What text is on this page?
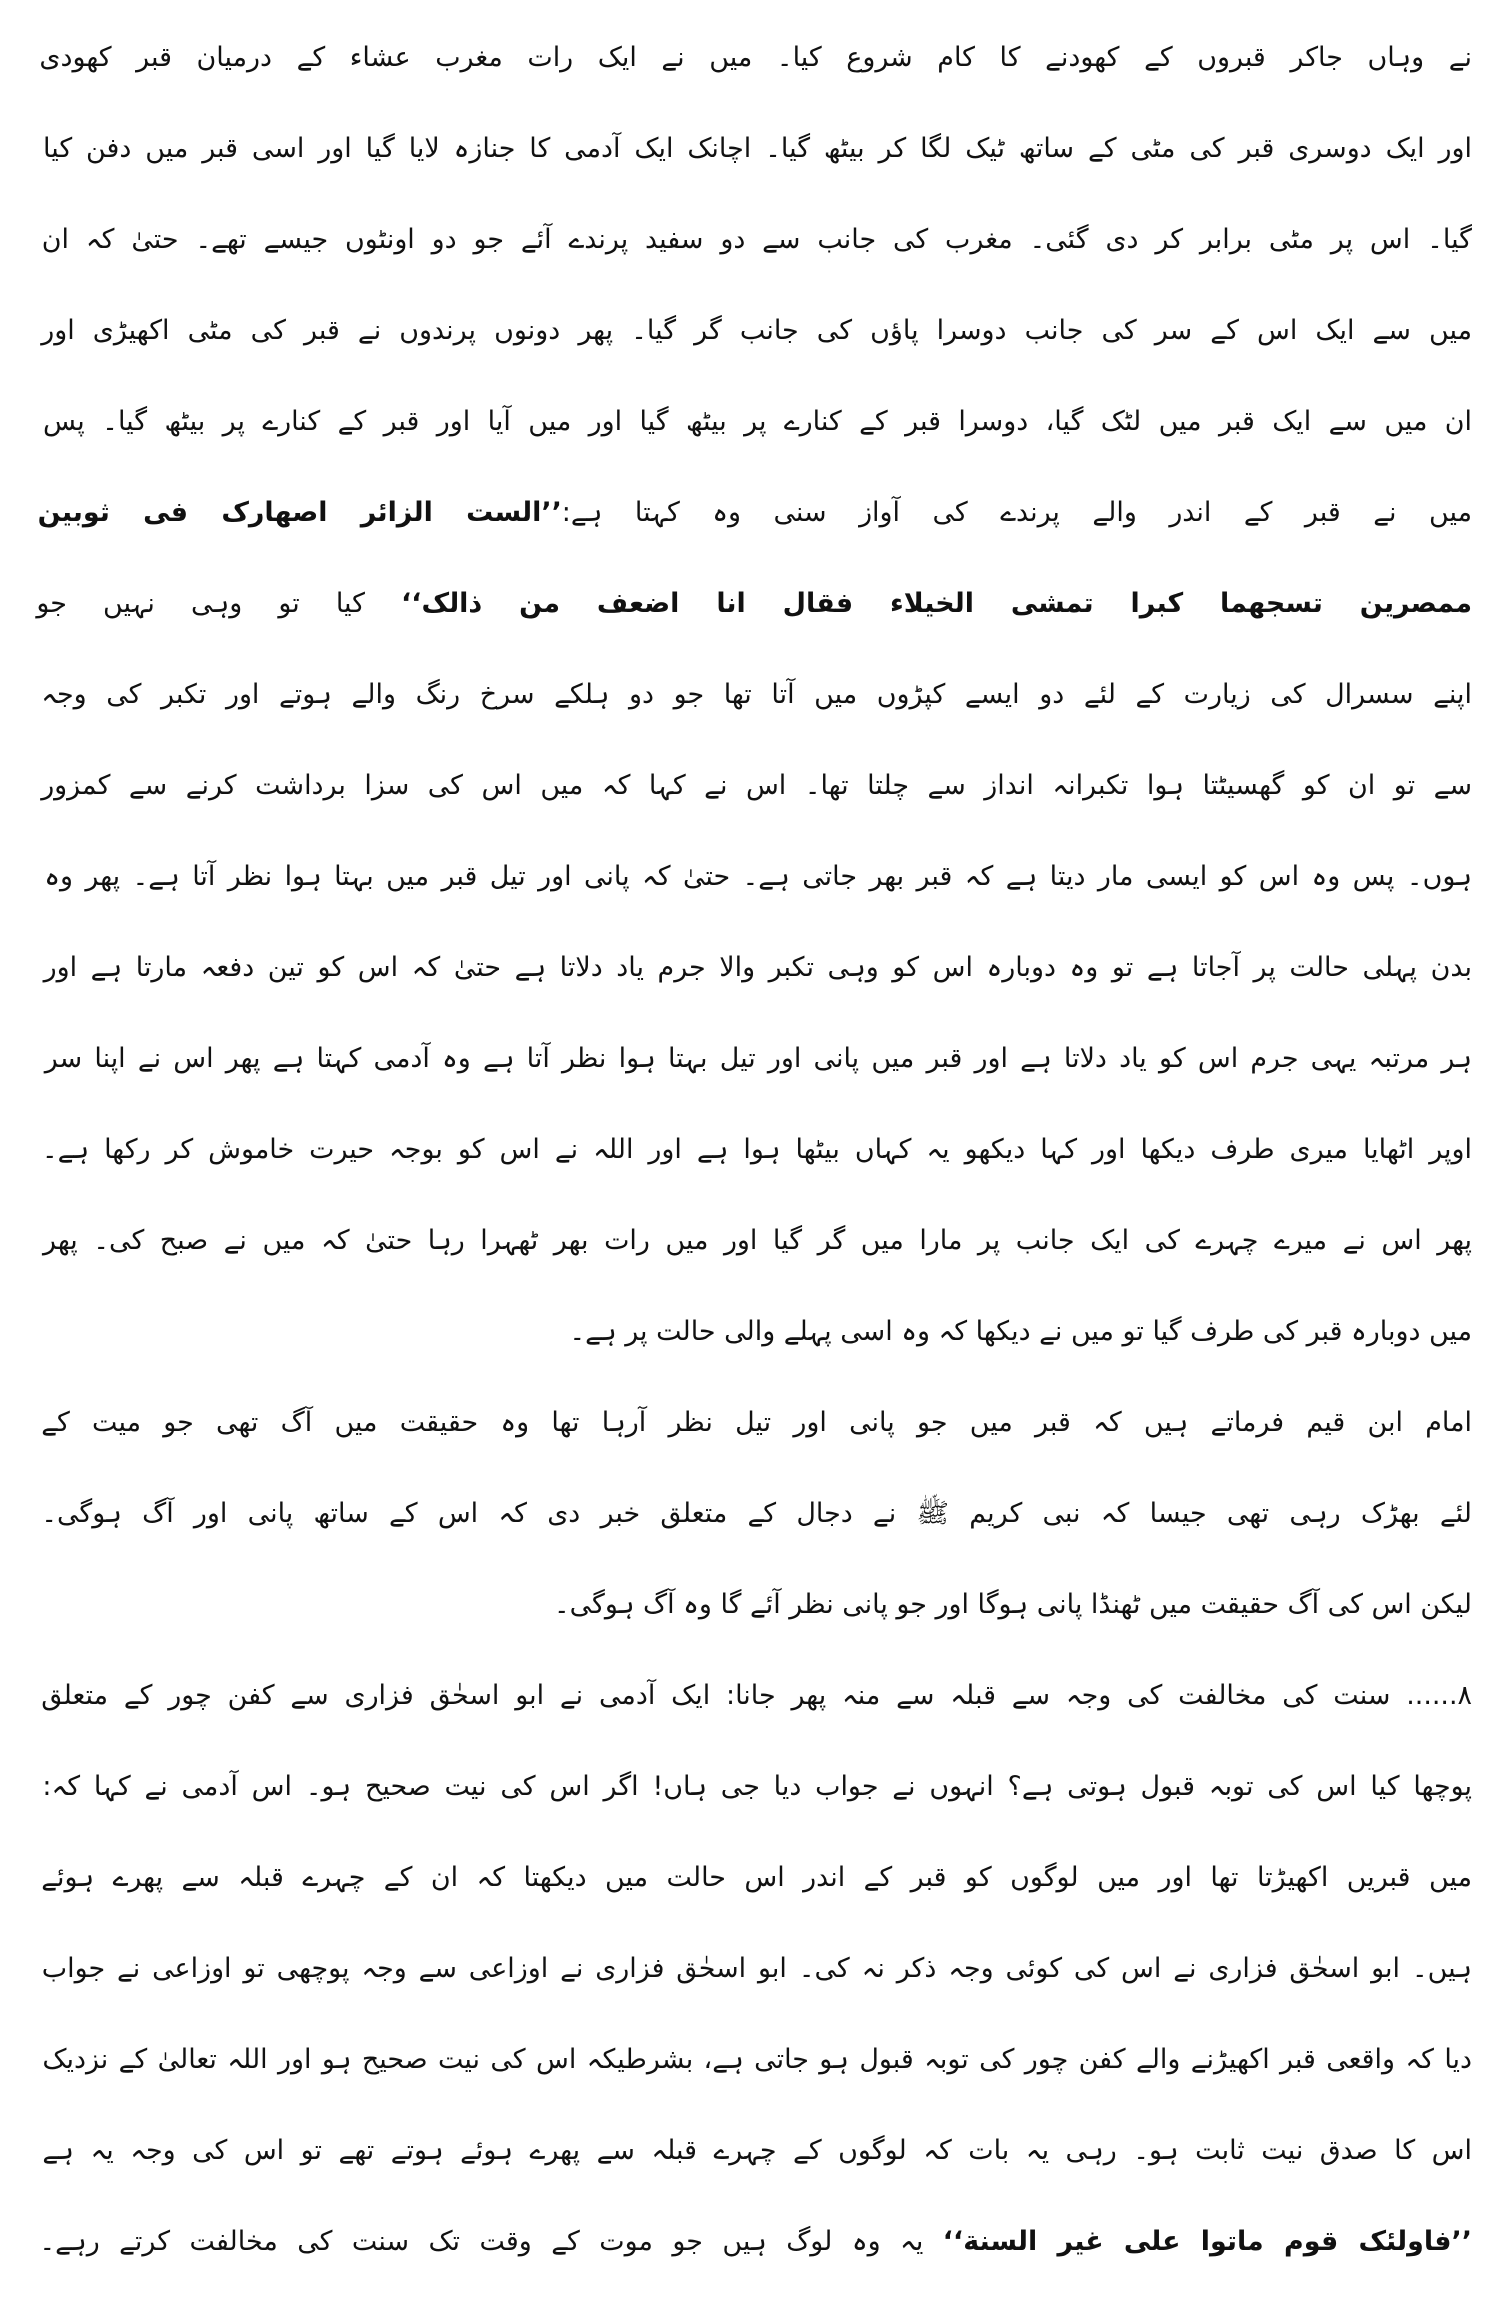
نے وہاں جاکر قبروں کے کھودنے کا کام شروع کیا۔ میں نے ایک رات مغرب عشاء کے درمیان قبر کھودی
اور ایک دوسری قبر کی مٹی کے ساتھ ٹیک لگا کر بیٹھ گیا۔ اچانک ایک آدمی کا جنازہ لایا گیا اور اسی قبر میں دفن کیا
گیا۔ اس پر مٹی برابر کر دی گئی۔ مغرب کی جانب سے دو سفید پرندے آئے جو دو اونٹوں جیسے تھے۔ حتیٰ کہ ان
میں سے ایک اس کے سر کی جانب دوسرا پاؤں کی جانب گر گیا۔ پھر دونوں پرندوں نے قبر کی مٹی اکھیڑی اور
ان میں سے ایک قبر میں لٹک گیا، دوسرا قبر کے کنارے پر بیٹھ گیا اور میں آیا اور قبر کے کنارے پر بیٹھ گیا۔ پس
میں نے قبر کے اندر والے پرندے کی آواز سنی وہ کہتا ہے:’’الست الزائر اصهارک فی ثوبین
ممصرین تسجهما کبرا تمشی الخیلاء فقال انا اضعف من ذالک‘‘ کیا تو وہی نہیں جو
اپنے سسرال کی زیارت کے لئے دو ایسے کپڑوں میں آتا تھا جو دو ہلکے سرخ رنگ والے ہوتے اور تکبر کی وجہ
سے تو ان کو گھسیٹتا ہوا تکبرانہ انداز سے چلتا تھا۔ اس نے کہا کہ میں اس کی سزا برداشت کرنے سے کمزور
ہوں۔ پس وہ اس کو ایسی مار دیتا ہے کہ قبر بھر جاتی ہے۔ حتیٰ کہ پانی اور تیل قبر میں بہتا ہوا نظر آتا ہے۔ پھر وہ
بدن پہلی حالت پر آجاتا ہے تو وہ دوبارہ اس کو وہی تکبر والا جرم یاد دلاتا ہے حتیٰ کہ اس کو تین دفعہ مارتا ہے اور
ہر مرتبہ یہی جرم اس کو یاد دلاتا ہے اور قبر میں پانی اور تیل بہتا ہوا نظر آتا ہے وہ آدمی کہتا ہے پھر اس نے اپنا سر
اوپر اٹھایا میری طرف دیکھا اور کہا دیکھو یہ کہاں بیٹھا ہوا ہے اور اللہ نے اس کو بوجہ حیرت خاموش کر رکھا ہے۔
پھر اس نے میرے چہرے کی ایک جانب پر مارا میں گر گیا اور میں رات بھر ٹھہرا رہا حتیٰ کہ میں نے صبح کی۔ پھر
میں دوبارہ قبر کی طرف گیا تو میں نے دیکھا کہ وہ اسی پہلے والی حالت پر ہے۔
امام ابن قیم فرماتے ہیں کہ قبر میں جو پانی اور تیل نظر آرہا تھا وہ حقیقت میں آگ تھی جو میت کے
لئے بھڑک رہی تھی جیسا کہ نبی کریم ﷺ نے دجال کے متعلق خبر دی کہ اس کے ساتھ پانی اور آگ ہوگی۔
لیکن اس کی آگ حقیقت میں ٹھنڈا پانی ہوگا اور جو پانی نظر آئے گا وہ آگ ہوگی۔
۸...... سنت کی مخالفت کی وجہ سے قبلہ سے منہ پھر جانا: ایک آدمی نے ابو اسحٰق فزاری سے کفن چور کے متعلق
پوچھا کیا اس کی توبہ قبول ہوتی ہے؟ انہوں نے جواب دیا جی ہاں! اگر اس کی نیت صحیح ہو۔ اس آدمی نے کہا کہ:
میں قبریں اکھیڑتا تھا اور میں لوگوں کو قبر کے اندر اس حالت میں دیکھتا کہ ان کے چہرے قبلہ سے پھرے ہوئے
ہیں۔ ابو اسحٰق فزاری نے اس کی کوئی وجہ ذکر نہ کی۔ ابو اسحٰق فزاری نے اوزاعی سے وجہ پوچھی تو اوزاعی نے جواب
دیا کہ واقعی قبر اکھیڑنے والے کفن چور کی توبہ قبول ہو جاتی ہے، بشرطیکہ اس کی نیت صحیح ہو اور اللہ تعالیٰ کے نزدیک
اس کا صدق نیت ثابت ہو۔ رہی یہ بات کہ لوگوں کے چہرے قبلہ سے پھرے ہوئے ہوتے تھے تو اس کی وجہ یہ ہے
’’فاولئک قوم ماتوا علی غیر السنة‘‘ یہ وہ لوگ ہیں جو موت کے وقت تک سنت کی مخالفت کرتے رہے۔
